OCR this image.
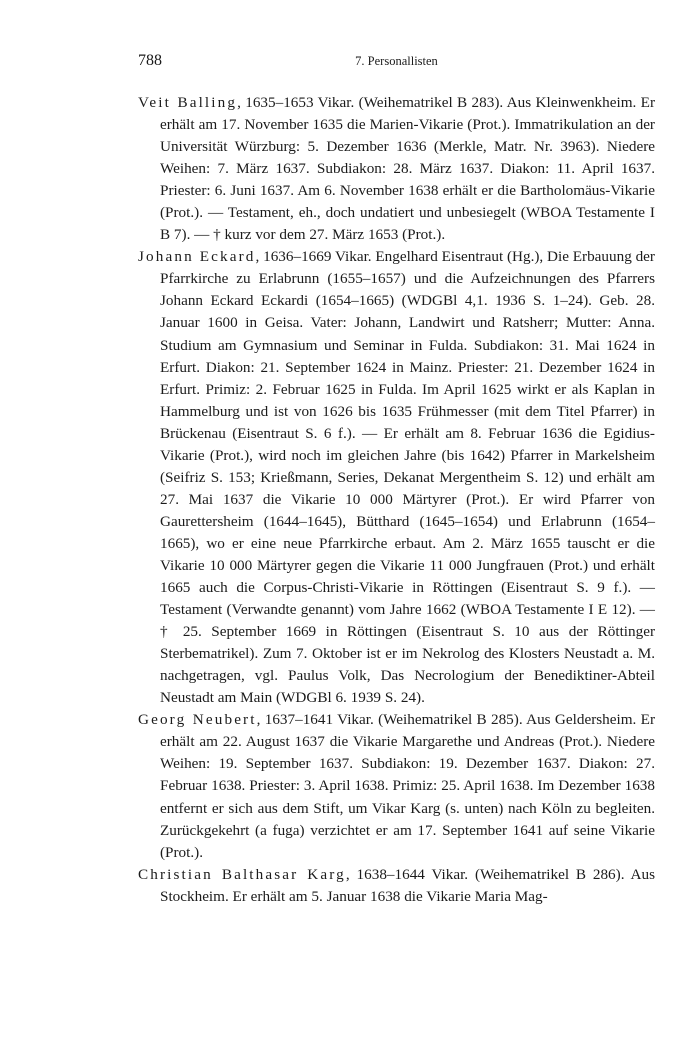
788	7. Personallisten

Veit Balling, 1635–1653 Vikar. (Weihematrikel B 283). Aus Kleinwenkheim. Er erhält am 17. November 1635 die Marien-Vikarie (Prot.). Immatrikulation an der Universität Würzburg: 5. Dezember 1636 (Merkle, Matr. Nr. 3963). Niedere Weihen: 7. März 1637. Subdiakon: 28. März 1637. Diakon: 11. April 1637. Priester: 6. Juni 1637. Am 6. November 1638 erhält er die Bartholomäus-Vikarie (Prot.). — Testament, eh., doch undatiert und unbesiegelt (WBOA Testamente I B 7). — † kurz vor dem 27. März 1653 (Prot.).

Johann Eckard, 1636–1669 Vikar. Engelhard Eisentraut (Hg.), Die Erbauung der Pfarrkirche zu Erlabrunn (1655–1657) und die Aufzeichnungen des Pfarrers Johann Eckard Eckardi (1654–1665) (WDGBl 4,1. 1936 S. 1–24). Geb. 28. Januar 1600 in Geisa. Vater: Johann, Landwirt und Ratsherr; Mutter: Anna. Studium am Gymnasium und Seminar in Fulda. Subdiakon: 31. Mai 1624 in Erfurt. Diakon: 21. September 1624 in Mainz. Priester: 21. Dezember 1624 in Erfurt. Primiz: 2. Februar 1625 in Fulda. Im April 1625 wirkt er als Kaplan in Hammelburg und ist von 1626 bis 1635 Frühmesser (mit dem Titel Pfarrer) in Brückenau (Eisentraut S. 6 f.). — Er erhält am 8. Februar 1636 die Egidius-Vikarie (Prot.), wird noch im gleichen Jahre (bis 1642) Pfarrer in Markelsheim (Seifriz S. 153; Krießmann, Series, Dekanat Mergentheim S. 12) und erhält am 27. Mai 1637 die Vikarie 10 000 Märtyrer (Prot.). Er wird Pfarrer von Gaurettersheim (1644–1645), Bütthard (1645–1654) und Erlabrunn (1654–1665), wo er eine neue Pfarrkirche erbaut. Am 2. März 1655 tauscht er die Vikarie 10 000 Märtyrer gegen die Vikarie 11 000 Jungfrauen (Prot.) und erhält 1665 auch die Corpus-Christi-Vikarie in Röttingen (Eisentraut S. 9 f.). — Testament (Verwandte genannt) vom Jahre 1662 (WBOA Testamente I E 12). — † 25. September 1669 in Röttingen (Eisentraut S. 10 aus der Röttinger Sterbematrikel). Zum 7. Oktober ist er im Nekrolog des Klosters Neustadt a. M. nachgetragen, vgl. Paulus Volk, Das Necrologium der Benediktiner-Abteil Neustadt am Main (WDGBl 6. 1939 S. 24).

Georg Neubert, 1637–1641 Vikar. (Weihematrikel B 285). Aus Geldersheim. Er erhält am 22. August 1637 die Vikarie Margarethe und Andreas (Prot.). Niedere Weihen: 19. September 1637. Subdiakon: 19. Dezember 1637. Diakon: 27. Februar 1638. Priester: 3. April 1638. Primiz: 25. April 1638. Im Dezember 1638 entfernt er sich aus dem Stift, um Vikar Karg (s. unten) nach Köln zu begleiten. Zurückgekehrt (a fuga) verzichtet er am 17. September 1641 auf seine Vikarie (Prot.).

Christian Balthasar Karg, 1638–1644 Vikar. (Weihematrikel B 286). Aus Stockheim. Er erhält am 5. Januar 1638 die Vikarie Maria Mag-
